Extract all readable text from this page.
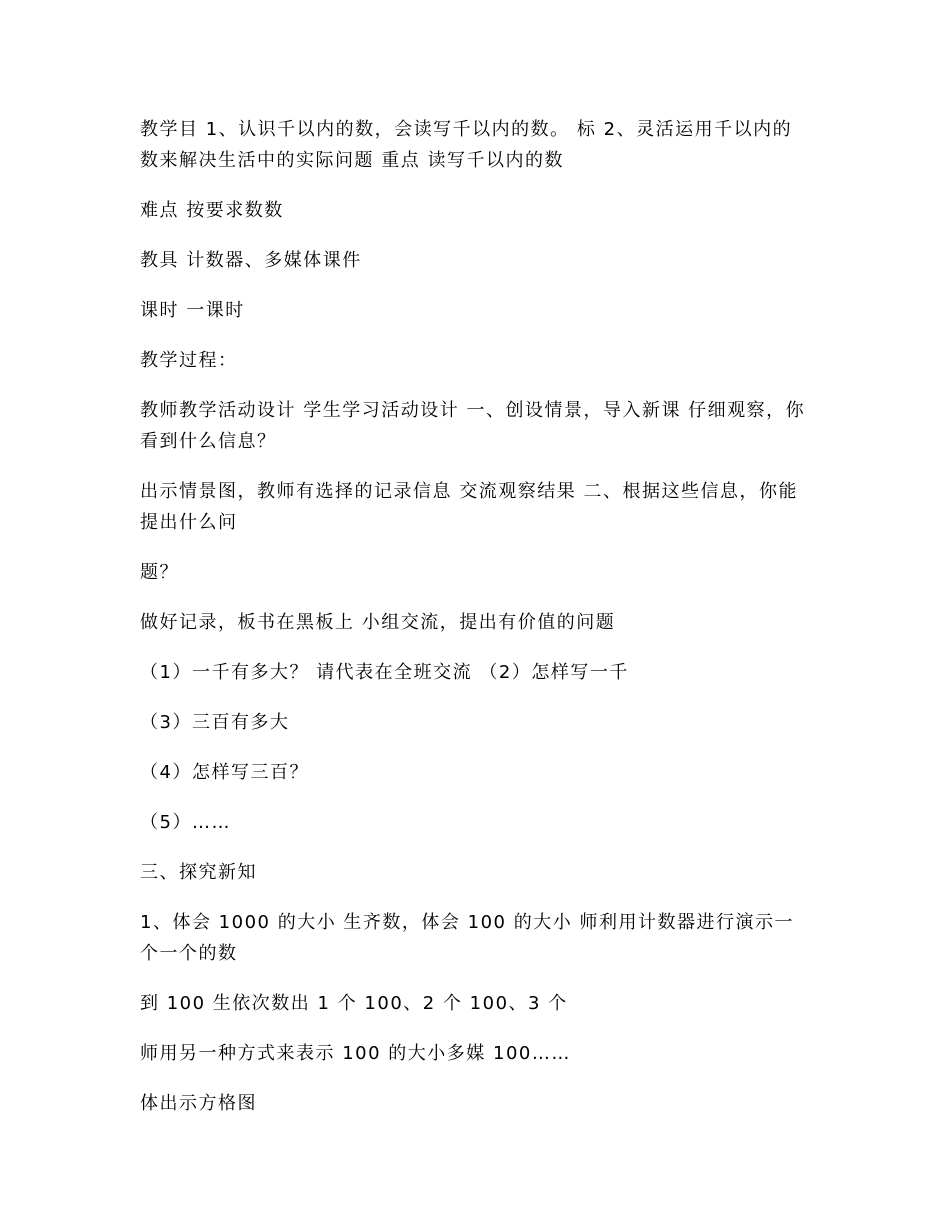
教学目 1、认识千以内的数，会读写千以内的数。 标 2、灵活运用千以内的数来解决生活中的实际问题 重点 读写千以内的数

难点 按要求数数

教具 计数器、多媒体课件

课时 一课时

教学过程：

教师教学活动设计 学生学习活动设计 一、创设情景，导入新课 仔细观察，你看到什么信息？

出示情景图，教师有选择的记录信息 交流观察结果 二、根据这些信息，你能提出什么问

题？

做好记录，板书在黑板上 小组交流，提出有价值的问题

（1）一千有多大？ 请代表在全班交流 （2）怎样写一千

（3）三百有多大

（4）怎样写三百？

（5）……

三、探究新知

1、体会 1000 的大小 生齐数，体会 100 的大小 师利用计数器进行演示一个一个的数

到 100 生依次数出 1 个 100、2 个 100、3 个

师用另一种方式来表示 100 的大小多媒 100……

体出示方格图
